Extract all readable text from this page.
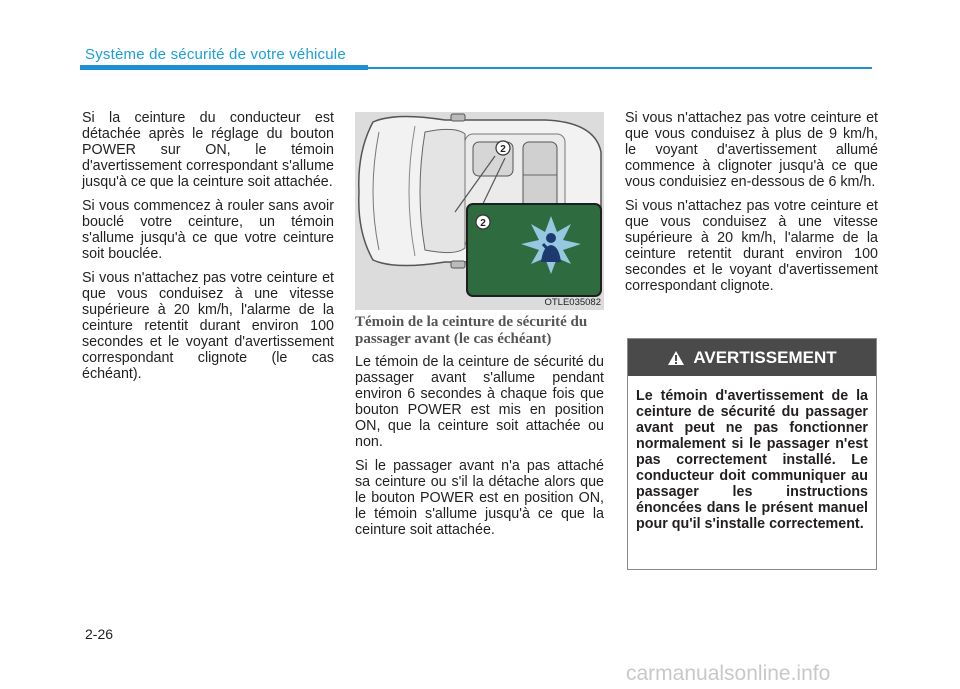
Système de sécurité de votre véhicule

Si la ceinture du conducteur est détachée après le réglage du bouton POWER sur ON, le témoin d'avertissement correspondant s'allume jusqu'à ce que la ceinture soit attachée.

Si vous commencez à rouler sans avoir bouclé votre ceinture, un témoin s'allume jusqu'à ce que votre ceinture soit bouclée.

Si vous n'attachez pas votre ceinture et que vous conduisez à une vitesse supérieure à 20 km/h, l'alarme de la ceinture retentit durant environ 100 secondes et le voyant d'avertissement correspondant clignote (le cas échéant).

2
2
OTLE035082
Témoin de la ceinture de sécurité du passager avant (le cas échéant)

Le témoin de la ceinture de sécurité du passager avant s'allume pendant environ 6 secondes à chaque fois que bouton POWER est mis en position ON, que la ceinture soit attachée ou non.

Si le passager avant n'a pas attaché sa ceinture ou s'il la détache alors que le bouton POWER est en position ON, le témoin s'allume jusqu'à ce que la ceinture soit attachée.

Si vous n'attachez pas votre ceinture et que vous conduisez à plus de 9 km/h, le voyant d'avertissement allumé commence à clignoter jusqu'à ce que vous conduisiez en-dessous de 6 km/h.

Si vous n'attachez pas votre ceinture et que vous conduisez à une vitesse supérieure à 20 km/h, l'alarme de la ceinture retentit durant environ 100 secondes et le voyant d'avertissement correspondant clignote.

AVERTISSEMENT
Le témoin d'avertissement de la ceinture de sécurité du passager avant peut ne pas fonctionner normalement si le passager n'est pas correctement installé. Le conducteur doit communiquer au passager les instructions énoncées dans le présent manuel pour qu'il s'installe correctement.
2-26
carmanualsonline.info
